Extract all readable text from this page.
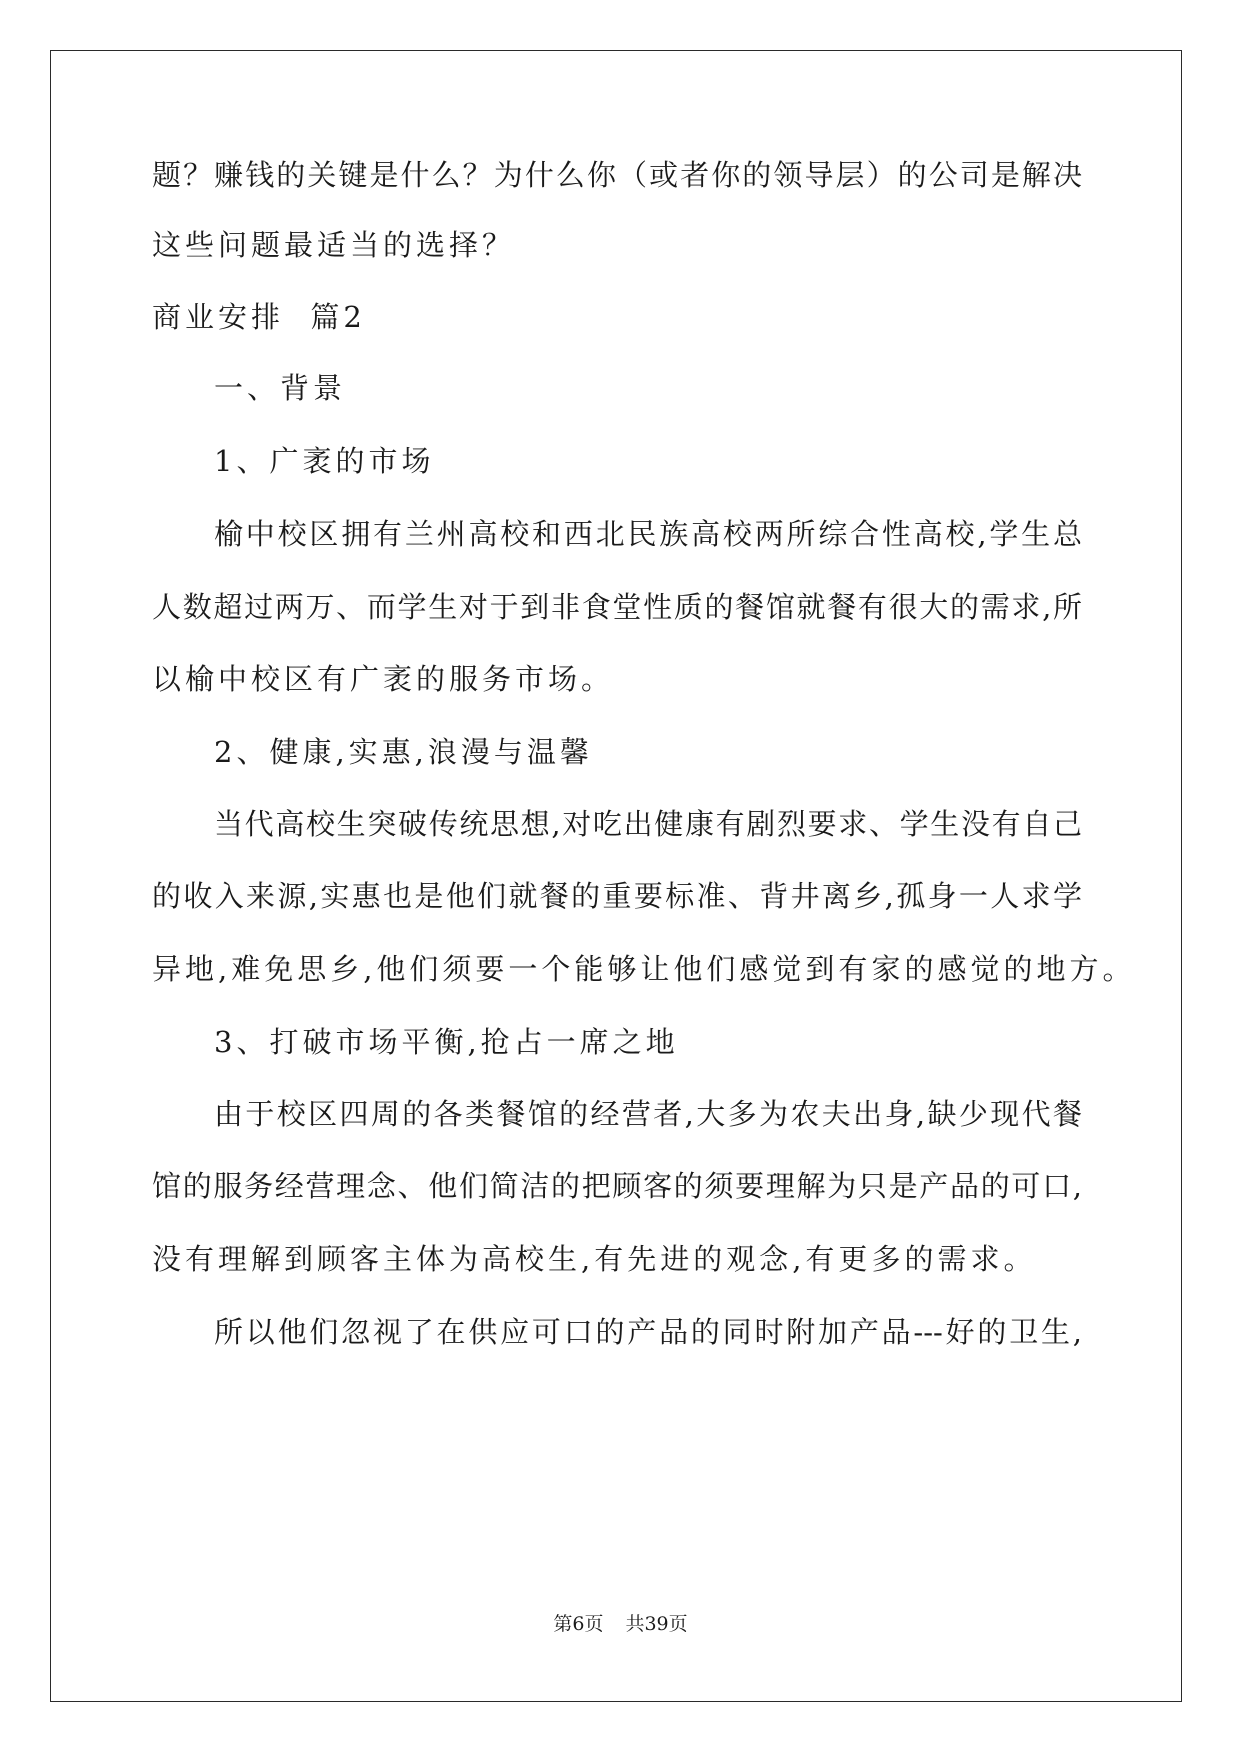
题？赚钱的关键是什么？为什么你（或者你的领导层）的公司是解决
这些问题最适当的选择？
商业安排  篇2
一、背景
1、广袤的市场
榆中校区拥有兰州高校和西北民族高校两所综合性高校,学生总
人数超过两万、而学生对于到非食堂性质的餐馆就餐有很大的需求,所
以榆中校区有广袤的服务市场。
2、健康,实惠,浪漫与温馨
当代高校生突破传统思想,对吃出健康有剧烈要求、学生没有自己
的收入来源,实惠也是他们就餐的重要标准、背井离乡,孤身一人求学
异地,难免思乡,他们须要一个能够让他们感觉到有家的感觉的地方。
3、打破市场平衡,抢占一席之地
由于校区四周的各类餐馆的经营者,大多为农夫出身,缺少现代餐
馆的服务经营理念、他们简洁的把顾客的须要理解为只是产品的可口,
没有理解到顾客主体为高校生,有先进的观念,有更多的需求。
所以他们忽视了在供应可口的产品的同时附加产品---好的卫生,
第6页 共39页
